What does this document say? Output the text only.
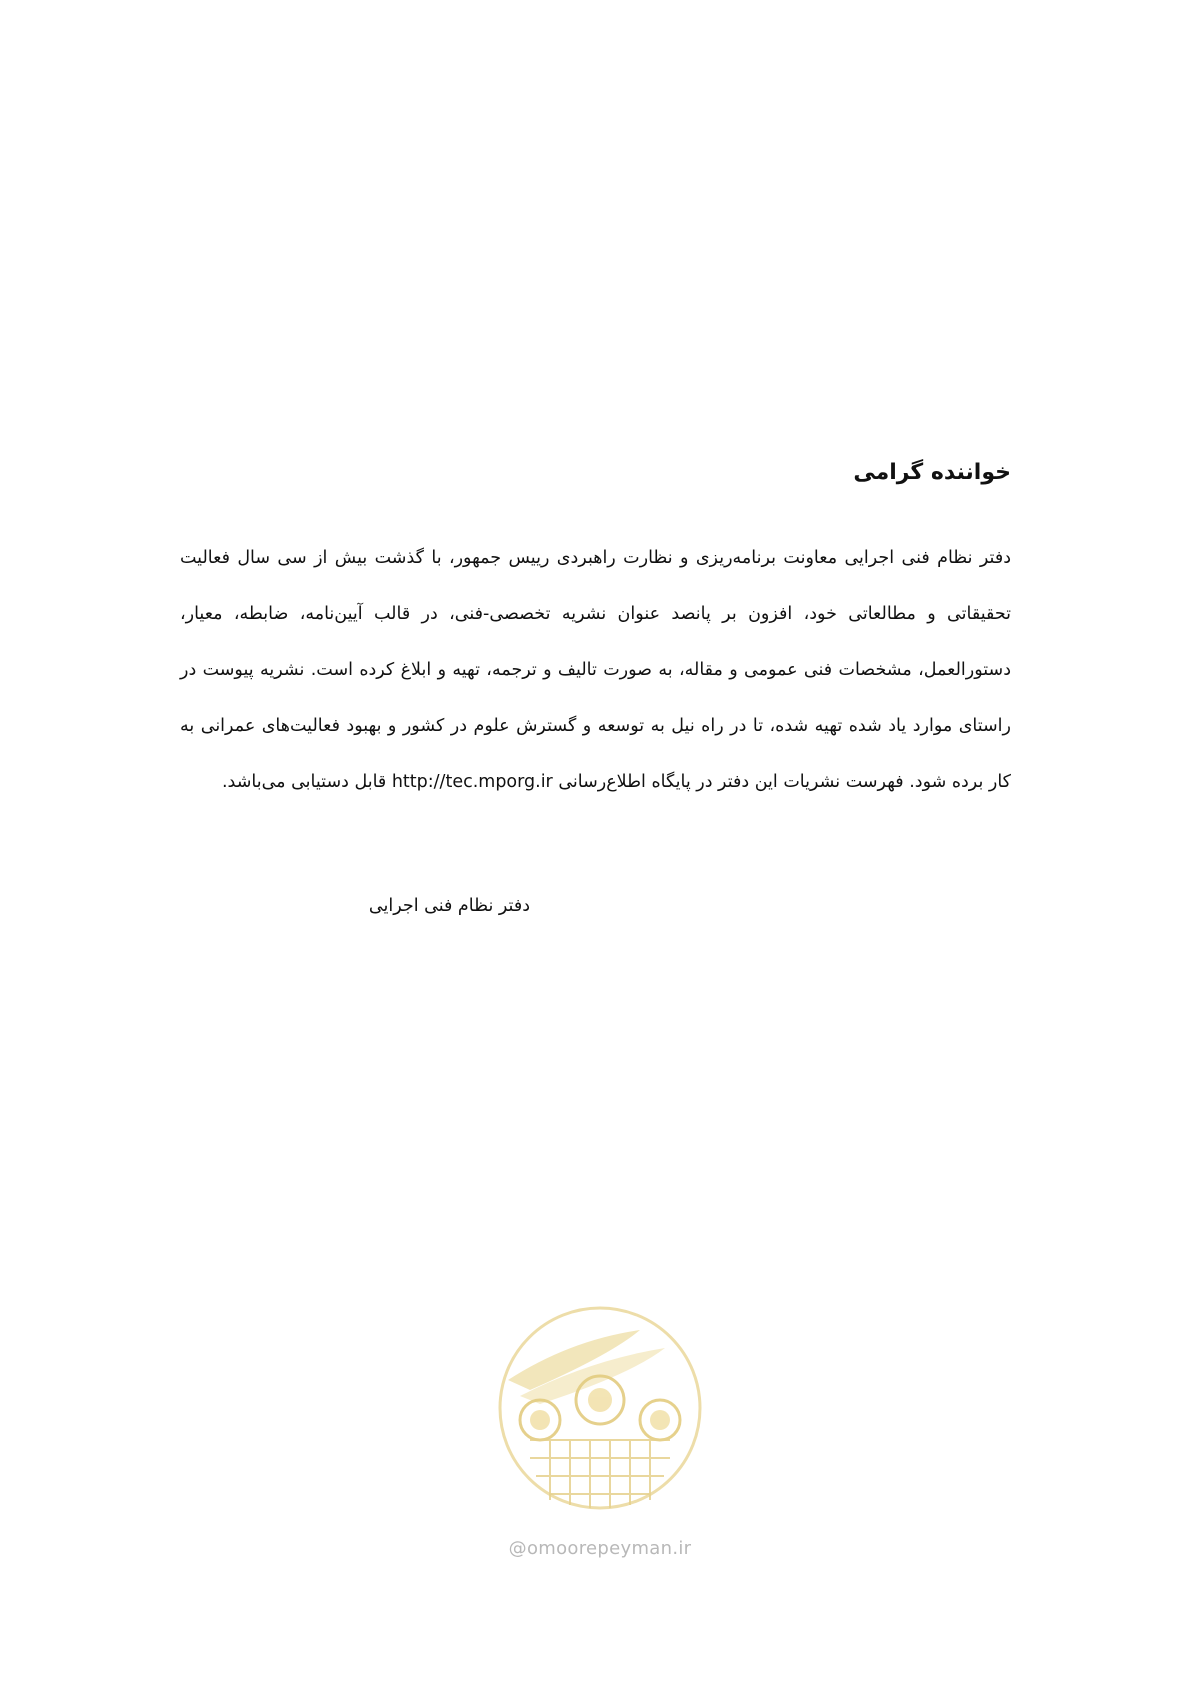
خواننده گرامی

دفتر نظام فنی اجرایی معاونت برنامه‌ریزی و نظارت راهبردی رییس جمهور، با گذشت بیش از سی سال فعالیت تحقیقاتی و مطالعاتی خود، افزون بر پانصد عنوان نشریه تخصصی-فنی، در قالب آیین‌نامه، ضابطه، معیار، دستورالعمل، مشخصات فنی عمومی و مقاله، به صورت تالیف و ترجمه، تهیه و ابلاغ کرده است. نشریه پیوست در راستای موارد یاد شده تهیه شده، تا در راه نیل به توسعه و گسترش علوم در کشور و بهبود فعالیت‌های عمرانی به کار برده شود. فهرست نشریات این دفتر در پایگاه اطلاع‌رسانی http://tec.mporg.ir قابل دستیابی می‌باشد.

دفتر نظام فنی اجرایی

@omoorepeyman.ir
